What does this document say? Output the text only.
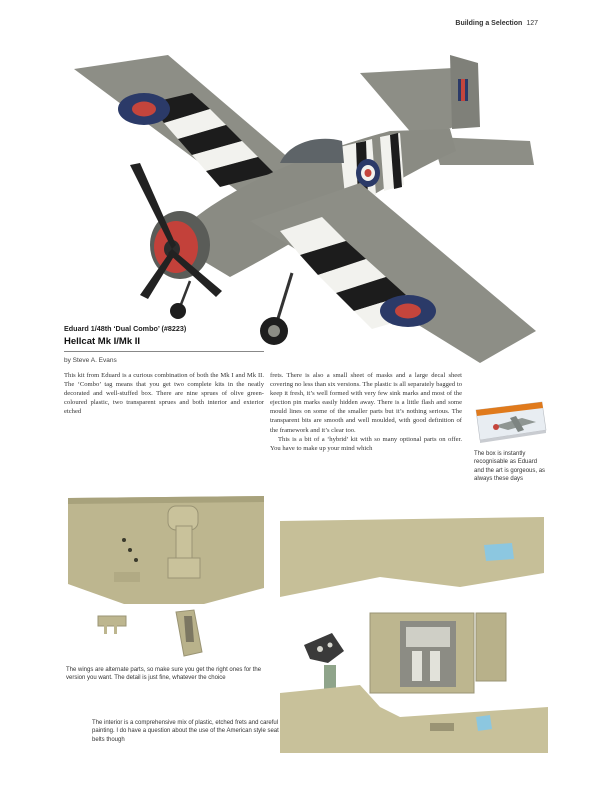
Building a Selection 127
Eduard 1/48th ‘Dual Combo’ (#8223)
Hellcat Mk I/Mk II
by Steve A. Evans
This kit from Eduard is a curious combination of both the Mk I and Mk II. The ‘Combo’ tag means that you get two complete kits in the neatly decorated and well-stuffed box. There are nine sprues of olive green-coloured plastic, two transparent sprues and both interior and exterior etched
frets. There is also a small sheet of masks and a large decal sheet covering no less than six versions. The plastic is all separately bagged to keep it fresh, it’s well formed with very few sink marks and most of the ejection pin marks easily hidden away. There is a little flash and some mould lines on some of the smaller parts but it’s nothing serious. The transparent bits are smooth and well moulded, with good definition of the framework and it’s clear too.
This is a bit of a ‘hybrid’ kit with so many optional parts on offer. You have to make up your mind which
The box is instantly recognisable as Eduard and the art is gorgeous, as always these days
The wings are alternate parts, so make sure you get the right ones for the version you want. The detail is just fine, whatever the choice
The interior is a comprehensive mix of plastic, etched frets and careful painting. I do have a question about the use of the American style seat belts though
